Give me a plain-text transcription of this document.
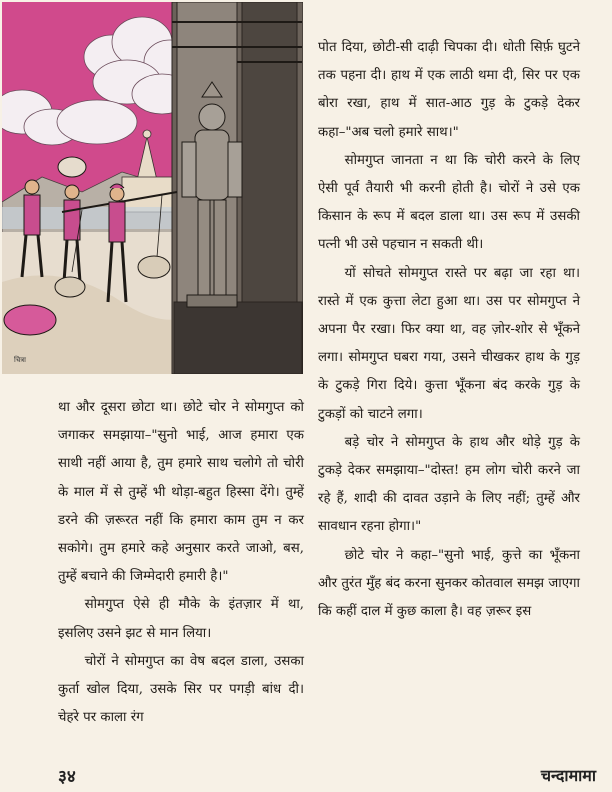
चित्रा

पोत दिया, छोटी-सी दाढ़ी चिपका दी। धोती सिर्फ़ घुटने तक पहना दी। हाथ में एक लाठी थमा दी, सिर पर एक बोरा रखा, हाथ में सात-आठ गुड़ के टुकड़े देकर कहा–"अब चलो हमारे साथ।"

सोमगुप्त जानता न था कि चोरी करने के लिए ऐसी पूर्व तैयारी भी करनी होती है। चोरों ने उसे एक किसान के रूप में बदल डाला था। उस रूप में उसकी पत्नी भी उसे पहचान न सकती थी।

यों सोचते सोमगुप्त रास्ते पर बढ़ा जा रहा था। रास्ते में एक कुत्ता लेटा हुआ था। उस पर सोमगुप्त ने अपना पैर रखा। फिर क्या था, वह ज़ोर-शोर से भूँकने लगा। सोमगुप्त घबरा गया, उसने चीखकर हाथ के गुड़ के टुकड़े गिरा दिये। कुत्ता भूँकना बंद करके गुड़ के टुकड़ों को चाटने लगा।

बड़े चोर ने सोमगुप्त के हाथ और थोड़े गुड़ के टुकड़े देकर समझाया–"दोस्त! हम लोग चोरी करने जा रहे हैं, शादी की दावत उड़ाने के लिए नहीं; तुम्हें और सावधान रहना होगा।"

छोटे चोर ने कहा–"सुनो भाई, कुत्ते का भूँकना और तुरंत मुँह बंद करना सुनकर कोतवाल समझ जाएगा कि कहीं दाल में कुछ काला है। वह ज़रूर इस

था और दूसरा छोटा था। छोटे चोर ने सोमगुप्त को जगाकर समझाया–"सुनो भाई, आज हमारा एक साथी नहीं आया है, तुम हमारे साथ चलोगे तो चोरी के माल में से तुम्हें भी थोड़ा-बहुत हिस्सा देंगे। तुम्हें डरने की ज़रूरत नहीं कि हमारा काम तुम न कर सकोगे। तुम हमारे कहे अनुसार करते जाओ, बस, तुम्हें बचाने की जिम्मेदारी हमारी है।"

सोमगुप्त ऐसे ही मौके के इंतज़ार में था, इसलिए उसने झट से मान लिया।

चोरों ने सोमगुप्त का वेष बदल डाला, उसका कुर्ता खोल दिया, उसके सिर पर पगड़ी बांध दी। चेहरे पर काला रंग

३४	चन्दामामा
